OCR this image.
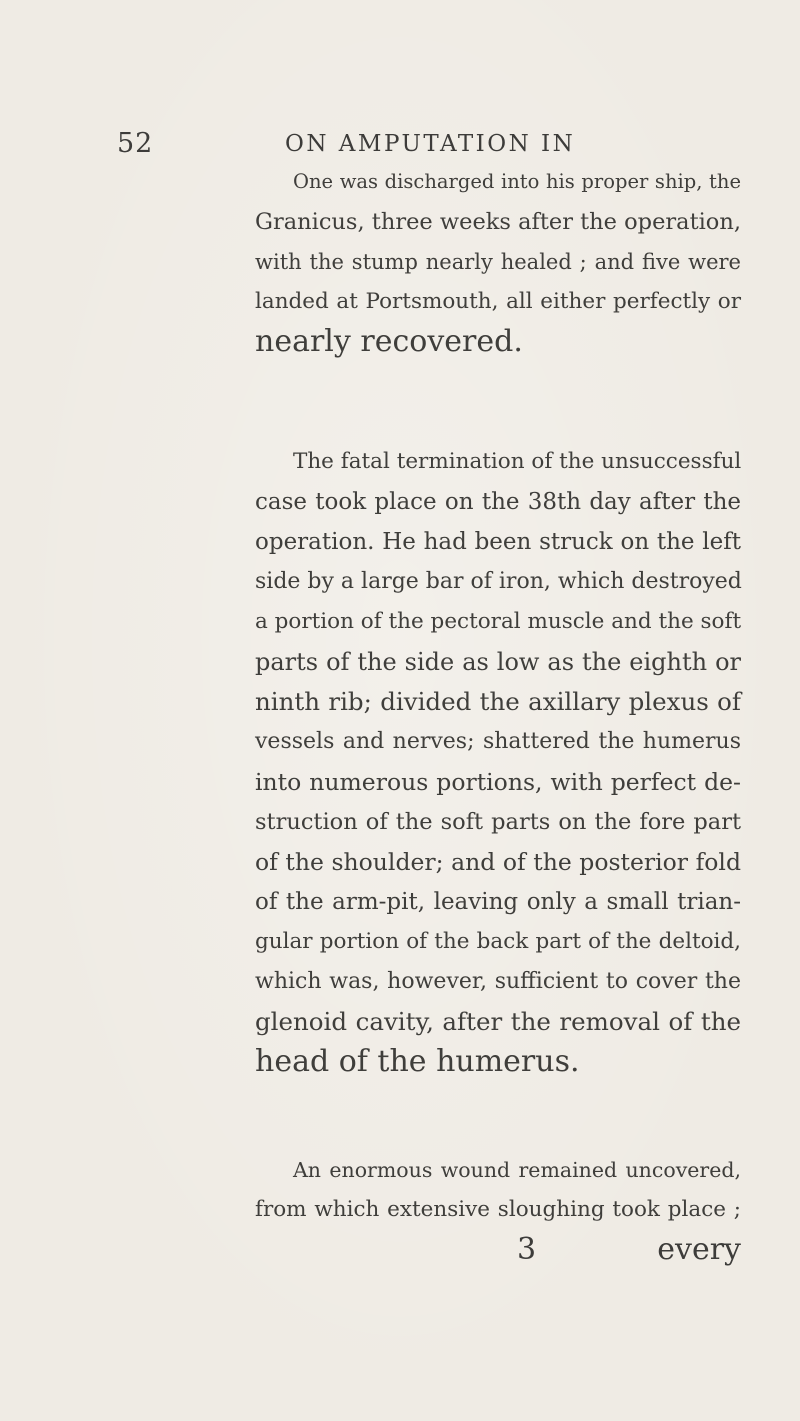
52	ON AMPUTATION IN
One was discharged into his proper ship, the
Granicus, three weeks after the operation,
with the stump nearly healed ; and five were
landed at Portsmouth, all either perfectly or
nearly recovered.
The fatal termination of the unsuccessful
case took place on the 38th day after the
operation. He had been struck on the left
side by a large bar of iron, which destroyed
a portion of the pectoral muscle and the soft
parts of the side as low as the eighth or
ninth rib; divided the axillary plexus of
vessels and nerves; shattered the humerus
into numerous portions, with perfect de-
struction of the soft parts on the fore part
of the shoulder; and of the posterior fold
of the arm-pit, leaving only a small trian-
gular portion of the back part of the deltoid,
which was, however, sufficient to cover the
glenoid cavity, after the removal of the
head of the humerus.
An enormous wound remained uncovered,
from which extensive sloughing took place ;
3	every
